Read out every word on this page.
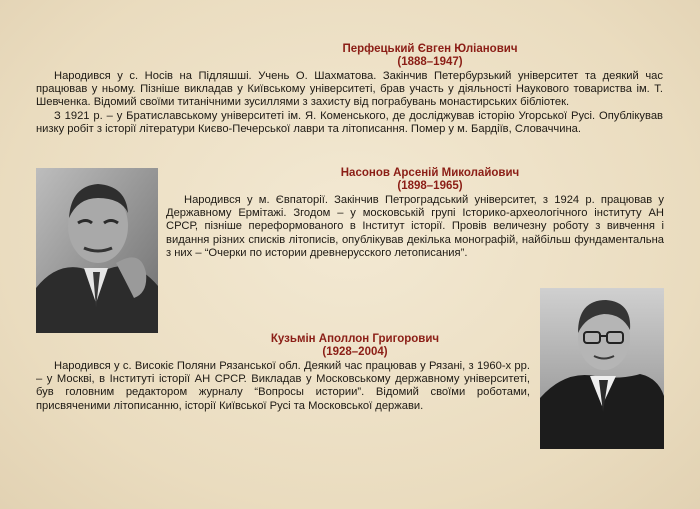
Перфецький Євген Юліанович
(1888–1947)

Народився у с. Носів на Підляшші. Учень О. Шахматова. Закінчив Петербурзький університет та деякий час працював у ньому. Пізніше викладав у Київському університеті, брав участь у діяльності Наукового товариства ім. Т. Шевченка. Відомий своїми титанічними зусиллями з захисту від пограбувань монастирських бібліотек.

З 1921 р. – у Братиславському університеті ім. Я. Коменського, де досліджував історію Угорської Русі. Опублікував низку робіт з історії літератури Києво-Печерської лаври та літописання. Помер у м. Бардіїв, Словаччина.

Насонов Арсеній Миколайович
(1898–1965)

Народився у м. Євпаторії. Закінчив Петроградський університет, з 1924 р. працював у Державному Ермітажі. Згодом – у московській групі Історико-археологічного інституту АН СРСР, пізніше переформованого в Інститут історії. Провів величезну роботу з вивчення і видання різних списків літописів, опублікував декілька монографій, найбільш фундаментальна з них – “Очерки по истории древнерусского летописания”.

Кузьмін Аполлон Григорович
(1928–2004)

Народився у с. Високіє Поляни Рязанської обл. Деякий час працював у Рязані, з 1960-х рр. – у Москві, в Інституті історії АН СРСР. Викладав у Московському державному університеті, був головним редактором журналу “Вопросы истории”. Відомий своїми роботами, присвяченими літописанню, історії Київської Русі та Московської держави.
